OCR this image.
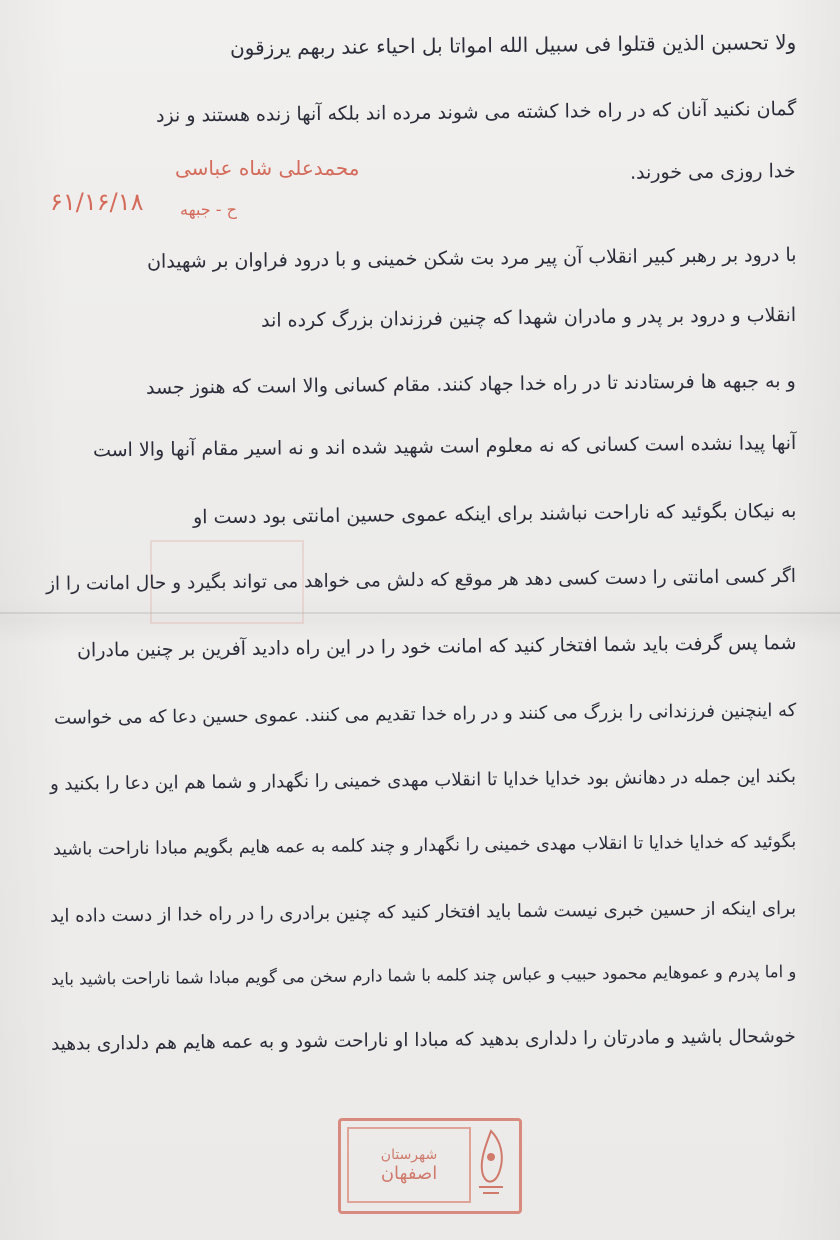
ولا تحسبن الذین قتلوا فی سبیل الله امواتا بل احیاء عند ربهم یرزقون
گمان نکنید آنان که در راه خدا کشته می شوند مرده اند بلکه آنها زنده هستند و نزد
خدا روزی می خورند.
محمدعلی شاه عباسی
۶۱/۱۶/۱۸ ح - جبهه
با درود بر رهبر کبیر انقلاب آن پیر مرد بت شکن خمینی و با درود فراوان بر شهیدان
انقلاب و درود بر پدر و مادران شهدا که چنین فرزندان بزرگ کرده اند
و به جبهه ها فرستادند تا در راه خدا جهاد کنند. مقام کسانی والا است که هنوز جسد
آنها پیدا نشده است کسانی که نه معلوم است شهید شده اند و نه اسیر مقام آنها والا است
به نیکان بگوئید که ناراحت نباشند برای اینکه عموی حسین امانتی بود دست او
اگر کسی امانتی را دست کسی دهد هر موقع که دلش می خواهد می تواند بگیرد و حال امانت را از
شما پس گرفت باید شما افتخار کنید که امانت خود را در این راه دادید آفرین بر چنین مادران
که اینچنین فرزندانی را بزرگ می کنند و در راه خدا تقدیم می کنند. عموی حسین دعا که می خواست
بکند این جمله در دهانش بود خدایا خدایا تا انقلاب مهدی خمینی را نگهدار و شما هم این دعا را بکنید و
بگوئید که خدایا خدایا تا انقلاب مهدی خمینی را نگهدار و چند کلمه به عمه هایم بگویم مبادا ناراحت باشید
برای اینکه از حسین خبری نیست شما باید افتخار کنید که چنین برادری را در راه خدا از دست داده اید
و اما پدرم و عموهایم محمود حبیب و عباس چند کلمه با شما دارم سخن می گویم مبادا شما ناراحت باشید باید
خوشحال باشید و مادرتان را دلداری بدهید که مبادا او ناراحت شود و به عمه هایم هم دلداری بدهید
شهرستان
اصفهان
